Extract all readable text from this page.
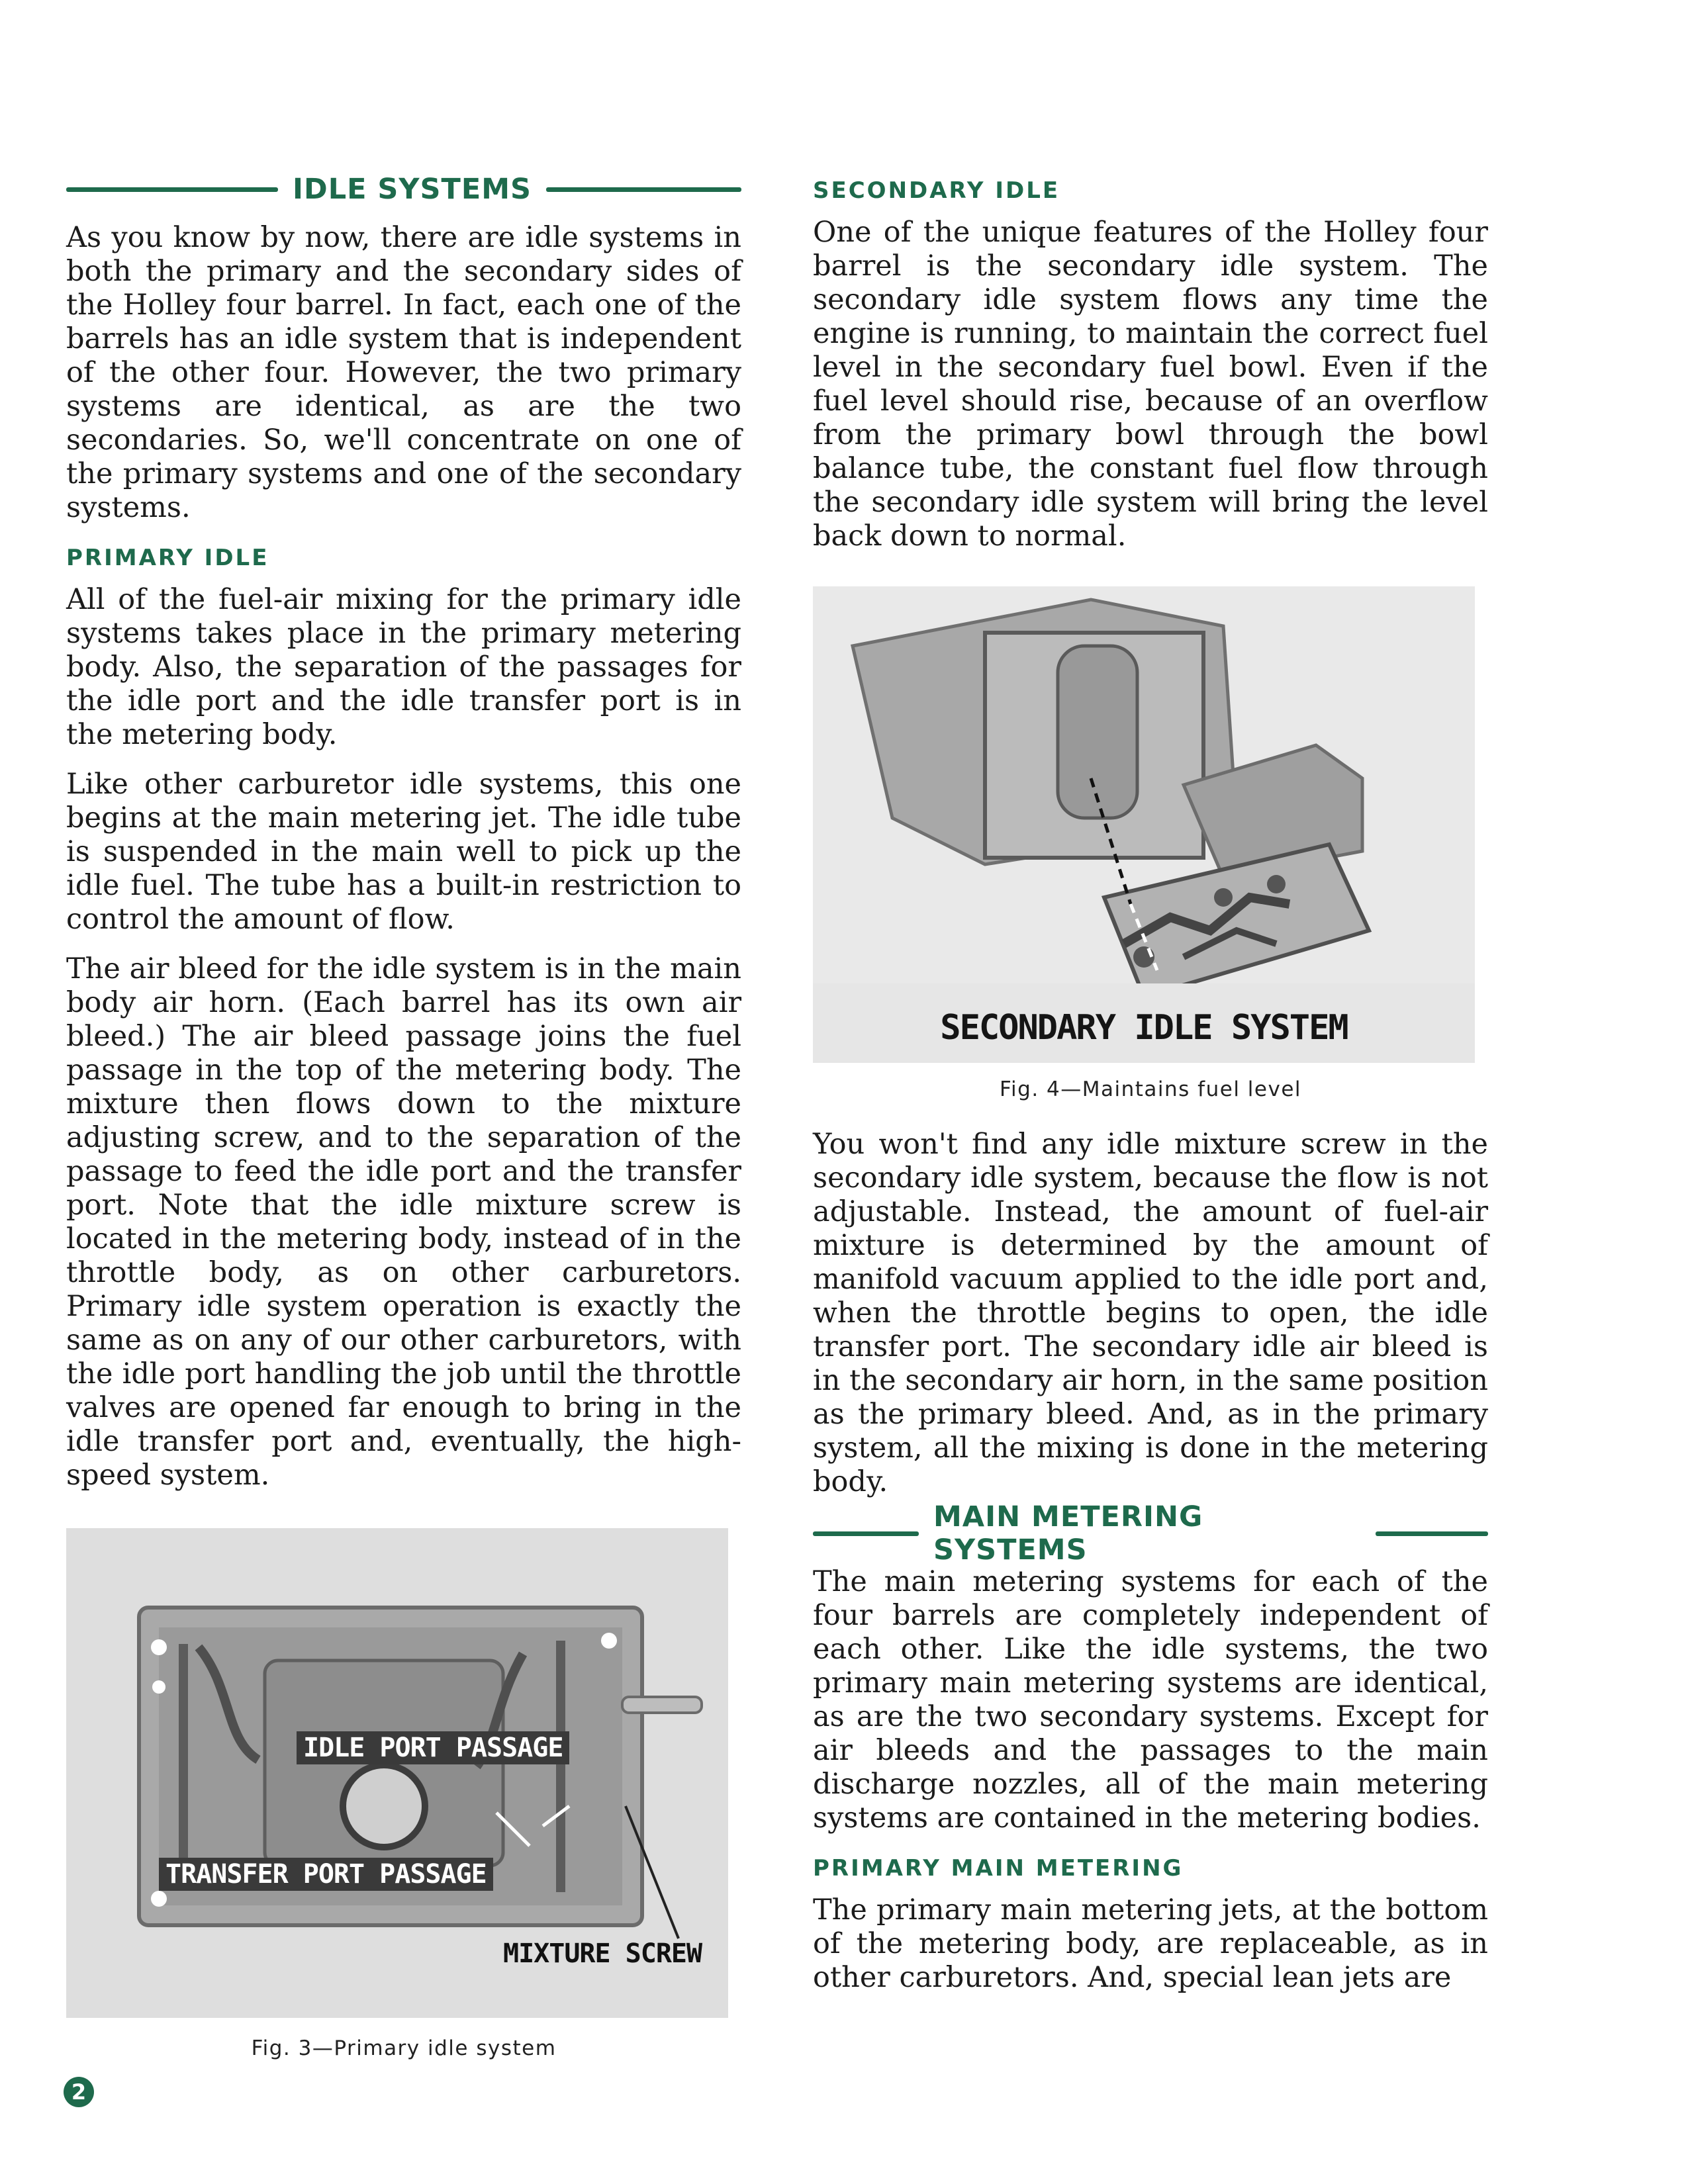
IDLE SYSTEMS

As you know by now, there are idle systems in both the primary and the secondary sides of the Holley four barrel. In fact, each one of the barrels has an idle system that is independent of the other four. However, the two primary systems are identical, as are the two secondaries. So, we'll concentrate on one of the primary systems and one of the secondary systems.

PRIMARY IDLE

All of the fuel-air mixing for the primary idle systems takes place in the primary metering body. Also, the separation of the passages for the idle port and the idle transfer port is in the metering body.

Like other carburetor idle systems, this one begins at the main metering jet. The idle tube is suspended in the main well to pick up the idle fuel. The tube has a built-in restriction to control the amount of flow.

The air bleed for the idle system is in the main body air horn. (Each barrel has its own air bleed.) The air bleed passage joins the fuel passage in the top of the metering body. The mixture then flows down to the mixture adjusting screw, and to the separation of the passage to feed the idle port and the transfer port. Note that the idle mixture screw is located in the metering body, instead of in the throttle body, as on other carburetors. Primary idle system operation is exactly the same as on any of our other carburetors, with the idle port handling the job until the throttle valves are opened far enough to bring in the idle transfer port and, eventually, the high-speed system.

IDLE PORT PASSAGE
TRANSFER PORT PASSAGE
MIXTURE SCREW
Fig. 3—Primary idle system
SECONDARY IDLE

One of the unique features of the Holley four barrel is the secondary idle system. The secondary idle system flows any time the engine is running, to maintain the correct fuel level in the secondary fuel bowl. Even if the fuel level should rise, because of an overflow from the primary bowl through the bowl balance tube, the constant fuel flow through the secondary idle system will bring the level back down to normal.

SECONDARY IDLE SYSTEM
Fig. 4—Maintains fuel level

You won't find any idle mixture screw in the secondary idle system, because the flow is not adjustable. Instead, the amount of fuel-air mixture is determined by the amount of manifold vacuum applied to the idle port and, when the throttle begins to open, the idle transfer port. The secondary idle air bleed is in the secondary air horn, in the same position as the primary bleed. And, as in the primary system, all the mixing is done in the metering body.

MAIN METERING SYSTEMS

The main metering systems for each of the four barrels are completely independent of each other. Like the idle systems, the two primary main metering systems are identical, as are the two secondary systems. Except for air bleeds and the passages to the main discharge nozzles, all of the main metering systems are contained in the metering bodies.

PRIMARY MAIN METERING

The primary main metering jets, at the bottom of the metering body, are replaceable, as in other carburetors. And, special lean jets are

2
